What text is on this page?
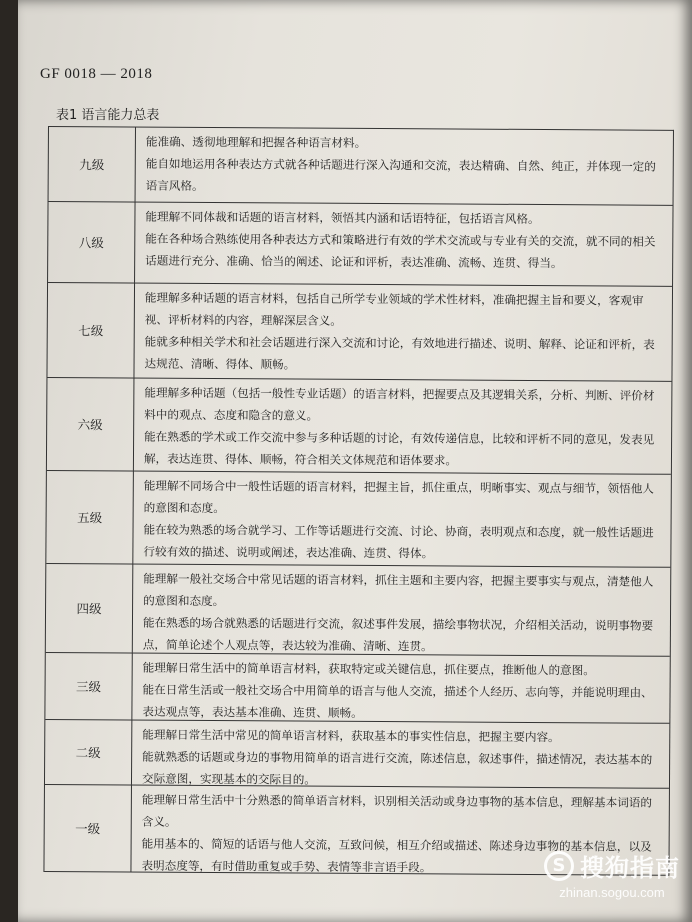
GF 0018 — 2018
表1 语言能力总表
九级

能准确、透彻地理解和把握各种语言材料。

能自如地运用各种表达方式就各种话题进行深入沟通和交流，表达精确、自然、纯正，并体现一定的语言风格。

八级

能理解不同体裁和话题的语言材料，领悟其内涵和话语特征，包括语言风格。

能在各种场合熟练使用各种表达方式和策略进行有效的学术交流或与专业有关的交流，就不同的相关话题进行充分、准确、恰当的阐述、论证和评析，表达准确、流畅、连贯、得当。

七级

能理解多种话题的语言材料，包括自己所学专业领域的学术性材料，准确把握主旨和要义，客观审视、评析材料的内容，理解深层含义。

能就多种相关学术和社会话题进行深入交流和讨论，有效地进行描述、说明、解释、论证和评析，表达规范、清晰、得体、顺畅。

六级

能理解多种话题（包括一般性专业话题）的语言材料，把握要点及其逻辑关系，分析、判断、评价材料中的观点、态度和隐含的意义。

能在熟悉的学术或工作交流中参与多种话题的讨论，有效传递信息，比较和评析不同的意见，发表见解，表达连贯、得体、顺畅，符合相关文体规范和语体要求。

五级

能理解不同场合中一般性话题的语言材料，把握主旨，抓住重点，明晰事实、观点与细节，领悟他人的意图和态度。

能在较为熟悉的场合就学习、工作等话题进行交流、讨论、协商，表明观点和态度，就一般性话题进行较有效的描述、说明或阐述，表达准确、连贯、得体。

四级

能理解一般社交场合中常见话题的语言材料，抓住主题和主要内容，把握主要事实与观点，清楚他人的意图和态度。

能在熟悉的场合就熟悉的话题进行交流，叙述事件发展，描绘事物状况，介绍相关活动，说明事物要点，简单论述个人观点等，表达较为准确、清晰、连贯。

三级

能理解日常生活中的简单语言材料，获取特定或关键信息，抓住要点，推断他人的意图。

能在日常生活或一般社交场合中用简单的语言与他人交流，描述个人经历、志向等，并能说明理由、表达观点等，表达基本准确、连贯、顺畅。

二级

能理解日常生活中常见的简单语言材料，获取基本的事实性信息，把握主要内容。

能就熟悉的话题或身边的事物用简单的语言进行交流，陈述信息，叙述事件，描述情况，表达基本的交际意图，实现基本的交际目的。

一级

能理解日常生活中十分熟悉的简单语言材料，识别相关活动或身边事物的基本信息，理解基本词语的含义。

能用基本的、简短的话语与他人交流，互致问候，相互介绍或描述、陈述身边事物的基本信息，以及表明态度等，有时借助重复或手势、表情等非言语手段。	S 搜狗指南
zhinan.sogou.com
